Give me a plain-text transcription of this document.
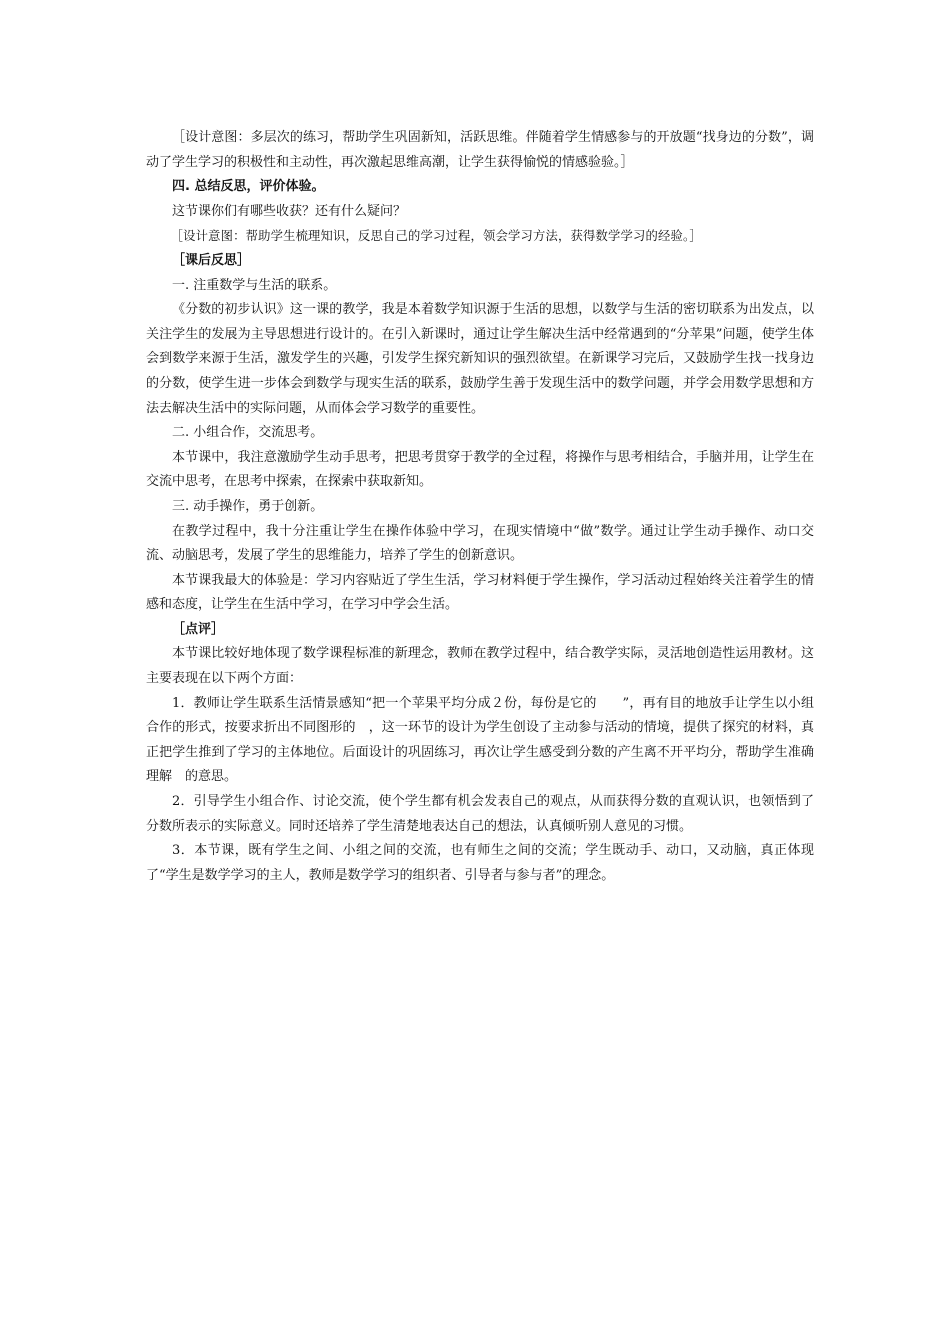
［设计意图：多层次的练习，帮助学生巩固新知，活跃思维。伴随着学生情感参与的开放题“找身边的分数”，调动了学生学习的积极性和主动性，再次激起思维高潮，让学生获得愉悦的情感验验。］

四. 总结反思，评价体验。

这节课你们有哪些收获？还有什么疑问？

［设计意图：帮助学生梳理知识，反思自己的学习过程，领会学习方法，获得数学学习的经验。］

［课后反思］

一. 注重数学与生活的联系。

《分数的初步认识》这一课的教学，我是本着数学知识源于生活的思想，以数学与生活的密切联系为出发点，以关注学生的发展为主导思想进行设计的。在引入新课时，通过让学生解决生活中经常遇到的“分苹果”问题，使学生体会到数学来源于生活，激发学生的兴趣，引发学生探究新知识的强烈欲望。在新课学习完后，又鼓励学生找一找身边的分数，使学生进一步体会到数学与现实生活的联系，鼓励学生善于发现生活中的数学问题，并学会用数学思想和方法去解决生活中的实际问题，从而体会学习数学的重要性。

二. 小组合作，交流思考。

本节课中，我注意激励学生动手思考，把思考贯穿于教学的全过程，将操作与思考相结合，手脑并用，让学生在交流中思考，在思考中探索，在探索中获取新知。

三. 动手操作，勇于创新。

在教学过程中，我十分注重让学生在操作体验中学习，在现实情境中“做”数学。通过让学生动手操作、动口交流、动脑思考，发展了学生的思维能力，培养了学生的创新意识。

本节课我最大的体验是：学习内容贴近了学生生活，学习材料便于学生操作，学习活动过程始终关注着学生的情感和态度，让学生在生活中学习，在学习中学会生活。

［点评］

本节课比较好地体现了数学课程标准的新理念，教师在教学过程中，结合教学实际，灵活地创造性运用教材。这主要表现在以下两个方面：

1．教师让学生联系生活情景感知“把一个苹果平均分成２份，每份是它的 ”，再有目的地放手让学生以小组合作的形式，按要求折出不同图形的 ，这一环节的设计为学生创设了主动参与活动的情境，提供了探究的材料，真正把学生推到了学习的主体地位。后面设计的巩固练习，再次让学生感受到分数的产生离不开平均分，帮助学生准确理解 的意思。

2．引导学生小组合作、讨论交流，使个学生都有机会发表自己的观点，从而获得分数的直观认识，也领悟到了分数所表示的实际意义。同时还培养了学生清楚地表达自己的想法，认真倾听别人意见的习惯。

3．本节课，既有学生之间、小组之间的交流，也有师生之间的交流；学生既动手、动口，又动脑，真正体现了“学生是数学学习的主人，教师是数学学习的组织者、引导者与参与者”的理念。
